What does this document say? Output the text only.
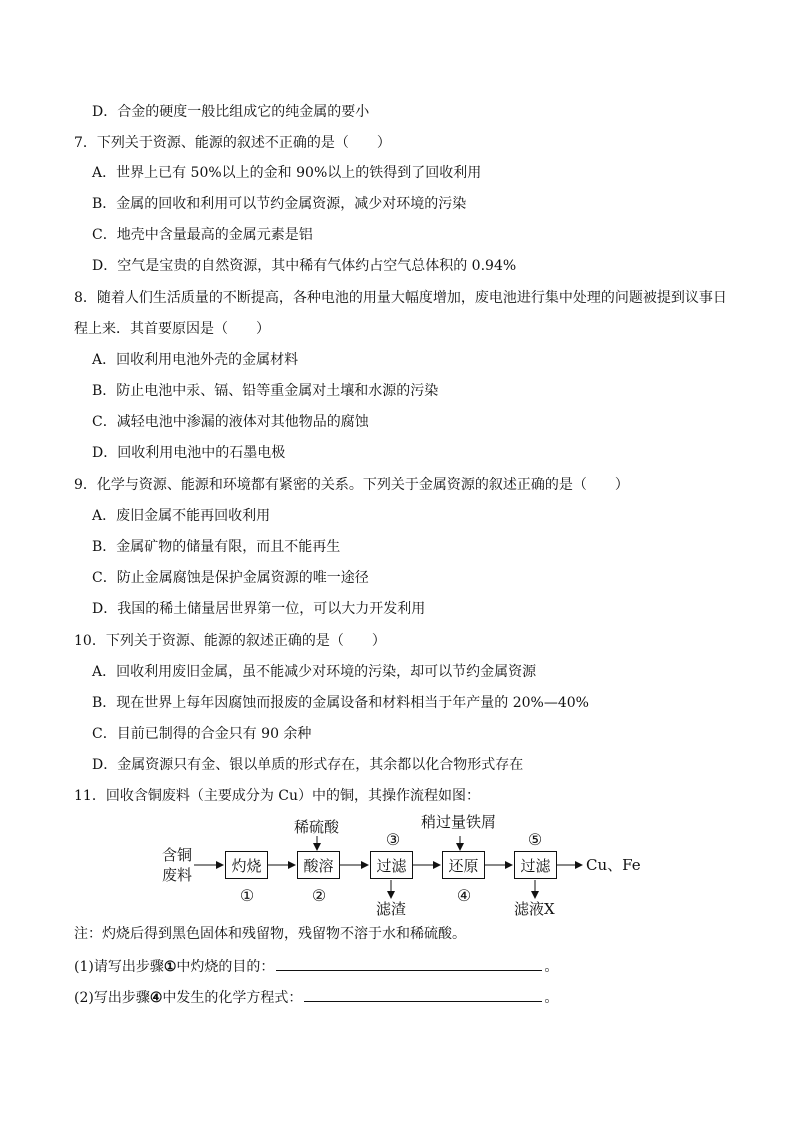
D．合金的硬度一般比组成它的纯金属的要小
7．下列关于资源、能源的叙述不正确的是（　　）
A．世界上已有 50%以上的金和 90%以上的铁得到了回收利用
B．金属的回收和利用可以节约金属资源，减少对环境的污染
C．地壳中含量最高的金属元素是铝
D．空气是宝贵的自然资源，其中稀有气体约占空气总体积的 0.94%
8．随着人们生活质量的不断提高，各种电池的用量大幅度增加，废电池进行集中处理的问题被提到议事日
程上来．其首要原因是（　　）
A．回收利用电池外壳的金属材料
B．防止电池中汞、镉、铅等重金属对土壤和水源的污染
C．减轻电池中渗漏的液体对其他物品的腐蚀
D．回收利用电池中的石墨电极
9．化学与资源、能源和环境都有紧密的关系。下列关于金属资源的叙述正确的是（　　）
A．废旧金属不能再回收利用
B．金属矿物的储量有限，而且不能再生
C．防止金属腐蚀是保护金属资源的唯一途径
D．我国的稀土储量居世界第一位，可以大力开发利用
10．下列关于资源、能源的叙述正确的是（　　）
A．回收利用废旧金属，虽不能减少对环境的污染，却可以节约金属资源
B．现在世界上每年因腐蚀而报废的金属设备和材料相当于年产量的 20%—40%
C．目前已制得的合金只有 90 余种
D．金属资源只有金、银以单质的形式存在，其余都以化合物形式存在
11．回收含铜废料（主要成分为 Cu）中的铜，其操作流程如图：
含铜
废料	灼烧	酸溶	过滤	还原	过滤
稀硫酸	稍过量铁屑
③	⑤
①	②	④
滤渣	滤液X
Cu、Fe
注：灼烧后得到黑色固体和残留物，残留物不溶于水和稀硫酸。
(1)请写出步骤①中灼烧的目的：	。
(2)写出步骤④中发生的化学方程式：	。
